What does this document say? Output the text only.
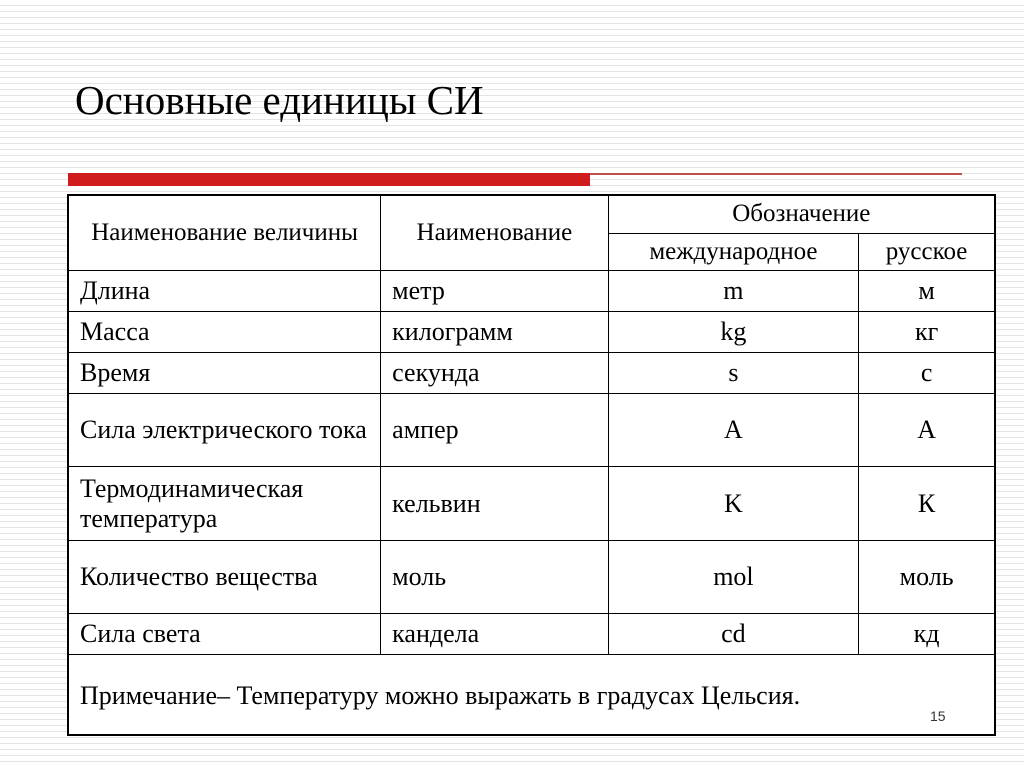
Основные единицы СИ
Наименование величины	Наименование	Обозначение	
		международное	русское
Длина	метр	m	м
Масса	килограмм	kg	кг
Время	секунда	s	с
Сила электрического тока	ампер	A	А
Термодинамическая температура	кельвин	K	К
Количество вещества	моль	mol	моль
Сила света	кандела	cd	кд
Примечание– Температуру можно выражать в градусах Цельсия.			
15
